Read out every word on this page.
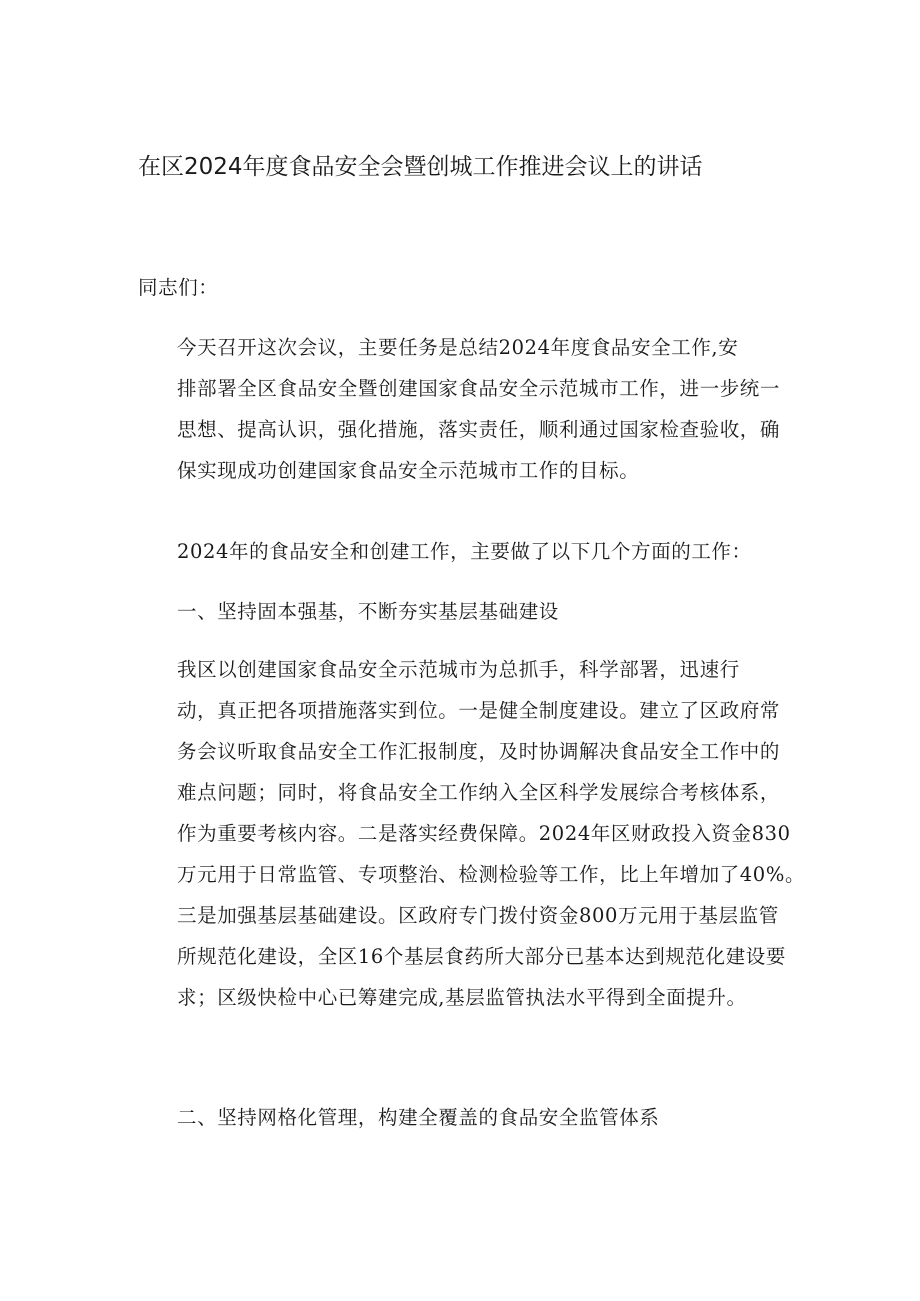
在区2024年度食品安全会暨创城工作推进会议上的讲话

同志们：

今天召开这次会议，主要任务是总结2024年度食品安全工作,安
排部署全区食品安全暨创建国家食品安全示范城市工作，进一步统一
思想、提高认识，强化措施，落实责任，顺利通过国家检查验收，确
保实现成功创建国家食品安全示范城市工作的目标。

2024年的食品安全和创建工作，主要做了以下几个方面的工作：

一、坚持固本强基，不断夯实基层基础建设

我区以创建国家食品安全示范城市为总抓手，科学部署，迅速行
动，真正把各项措施落实到位。一是健全制度建设。建立了区政府常
务会议听取食品安全工作汇报制度，及时协调解决食品安全工作中的
难点问题；同时，将食品安全工作纳入全区科学发展综合考核体系，
作为重要考核内容。二是落实经费保障。2024年区财政投入资金830
万元用于日常监管、专项整治、检测检验等工作，比上年增加了40%。
三是加强基层基础建设。区政府专门拨付资金800万元用于基层监管
所规范化建设，全区16个基层食药所大部分已基本达到规范化建设要
求；区级快检中心已筹建完成,基层监管执法水平得到全面提升。

二、坚持网格化管理，构建全覆盖的食品安全监管体系
